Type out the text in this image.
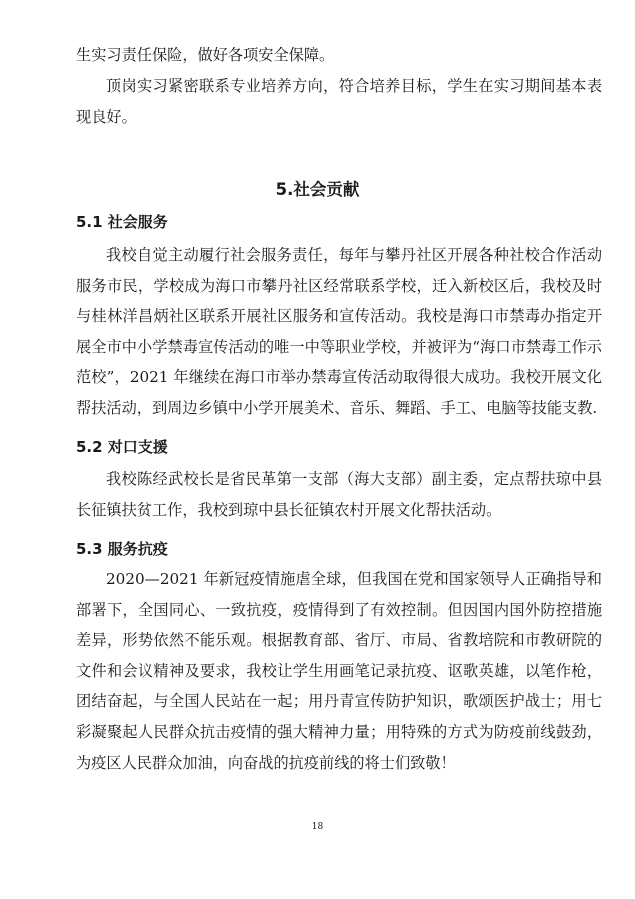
生实习责任保险，做好各项安全保障。

顶岗实习紧密联系专业培养方向，符合培养目标，学生在实习期间基本表现良好。

5.社会贡献
5.1 社会服务

我校自觉主动履行社会服务责任，每年与攀丹社区开展各种社校合作活动服务市民，学校成为海口市攀丹社区经常联系学校，迁入新校区后，我校及时与桂林洋昌炳社区联系开展社区服务和宣传活动。我校是海口市禁毒办指定开展全市中小学禁毒宣传活动的唯一中等职业学校，并被评为“海口市禁毒工作示范校”，2021 年继续在海口市举办禁毒宣传活动取得很大成功。我校开展文化帮扶活动，到周边乡镇中小学开展美术、音乐、舞蹈、手工、电脑等技能支教.

5.2 对口支援

我校陈经武校长是省民革第一支部（海大支部）副主委，定点帮扶琼中县长征镇扶贫工作，我校到琼中县长征镇农村开展文化帮扶活动。

5.3 服务抗疫

2020—2021 年新冠疫情施虐全球，但我国在党和国家领导人正确指导和部署下，全国同心、一致抗疫，疫情得到了有效控制。但因国内国外防控措施差异，形势依然不能乐观。根据教育部、省厅、市局、省教培院和市教研院的文件和会议精神及要求，我校让学生用画笔记录抗疫、讴歌英雄，以笔作枪，团结奋起，与全国人民站在一起；用丹青宣传防护知识，歌颂医护战士；用七彩凝聚起人民群众抗击疫情的强大精神力量；用特殊的方式为防疫前线鼓劲，为疫区人民群众加油，向奋战的抗疫前线的将士们致敬！

18
